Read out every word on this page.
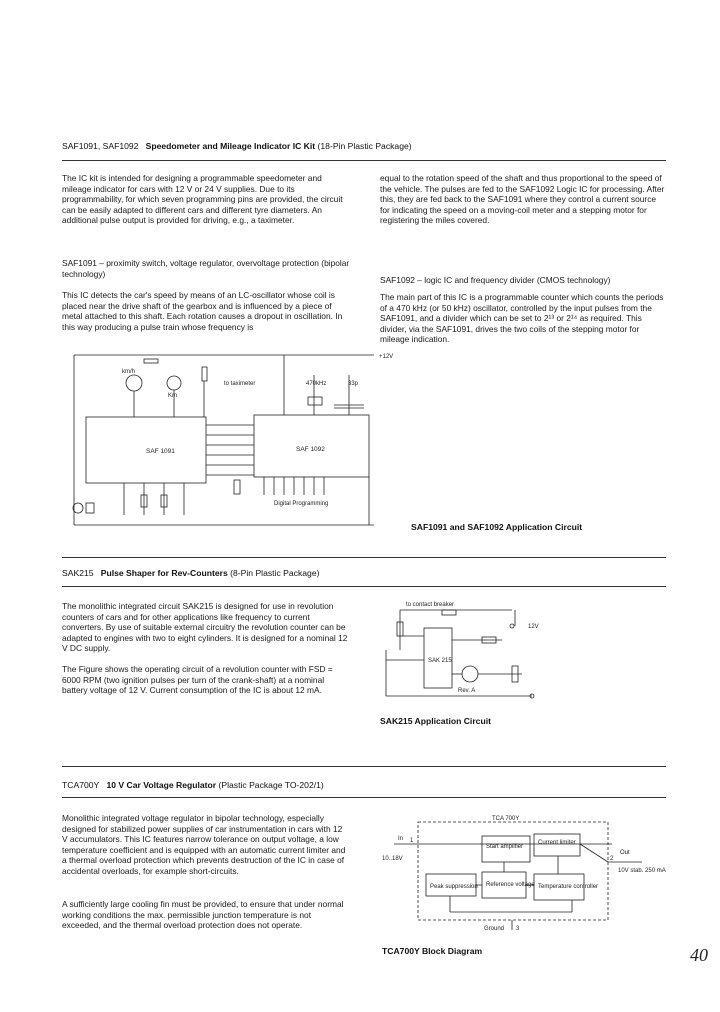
SAF1091, SAF1092 Speedometer and Mileage Indicator IC Kit (18-Pin Plastic Package)
The IC kit is intended for designing a programmable speedometer and mileage indicator for cars with 12 V or 24 V supplies. Due to its programmability, for which seven programming pins are provided, the circuit can be easily adapted to different cars and different tyre diameters. An additional pulse output is provided for driving, e.g., a taximeter.
SAF1091 – proximity switch, voltage regulator, overvoltage protection (bipolar technology)
This IC detects the car's speed by means of an LC-oscillator whose coil is placed near the drive shaft of the gearbox and is influenced by a piece of metal attached to this shaft. Each rotation causes a dropout in oscillation. In this way producing a pulse train whose frequency is
equal to the rotation speed of the shaft and thus proportional to the speed of the vehicle. The pulses are fed to the SAF1092 Logic IC for processing. After this, they are fed back to the SAF1091 where they control a current source for indicating the speed on a moving-coil meter and a stepping motor for registering the miles covered.
SAF1092 – logic IC and frequency divider (CMOS technology)
The main part of this IC is a programmable counter which counts the periods of a 470 kHz (or 50 kHz) oscillator, controlled by the input pulses from the SAF1091, and a divider which can be set to 2¹³ or 2¹⁴ as required. This divider, via the SAF1091, drives the two coils of the stepping motor for mileage indication.
SAF 1091	SAF 1092
+12V
to taximeter	470kHz	33p
Digital Programming
Km
km/h
SAF1091 and SAF1092 Application Circuit
SAK215 Pulse Shaper for Rev-Counters (8-Pin Plastic Package)
The monolithic integrated circuit SAK215 is designed for use in revolution counters of cars and for other applications like frequency to current converters. By use of suitable external circuitry the revolution counter can be adapted to engines with two to eight cylinders. It is designed for a nominal 12 V DC supply.
The Figure shows the operating circuit of a revolution counter with FSD = 6000 RPM (two ignition pulses per turn of the crank-shaft) at a nominal battery voltage of 12 V. Current consumption of the IC is about 12 mA.
SAK 215
to contact breaker
12V
Rev. A
SAK215 Application Circuit
TCA700Y 10 V Car Voltage Regulator (Plastic Package TO-202/1)
Monolithic integrated voltage regulator in bipolar technology, especially designed for stabilized power supplies of car instrumentation in cars with 12 V accumulators. This IC features narrow tolerance on output voltage, a low temperature coefficient and is equipped with an automatic current limiter and a thermal overload protection which prevents destruction of the IC in case of accidental overloads, for example short-circuits.
A sufficiently large cooling fin must be provided, to ensure that under normal working conditions the max. permissible junction temperature is not exceeded, and the thermal overload protection does not operate.
TCA 700Y
In
10..18V
Out
10V stab. 250 mA
Ground
1
2
3
Start amplifier
Current limiter
Peak suppression Reference voltage Temperature controller
TCA700Y Block Diagram	40
